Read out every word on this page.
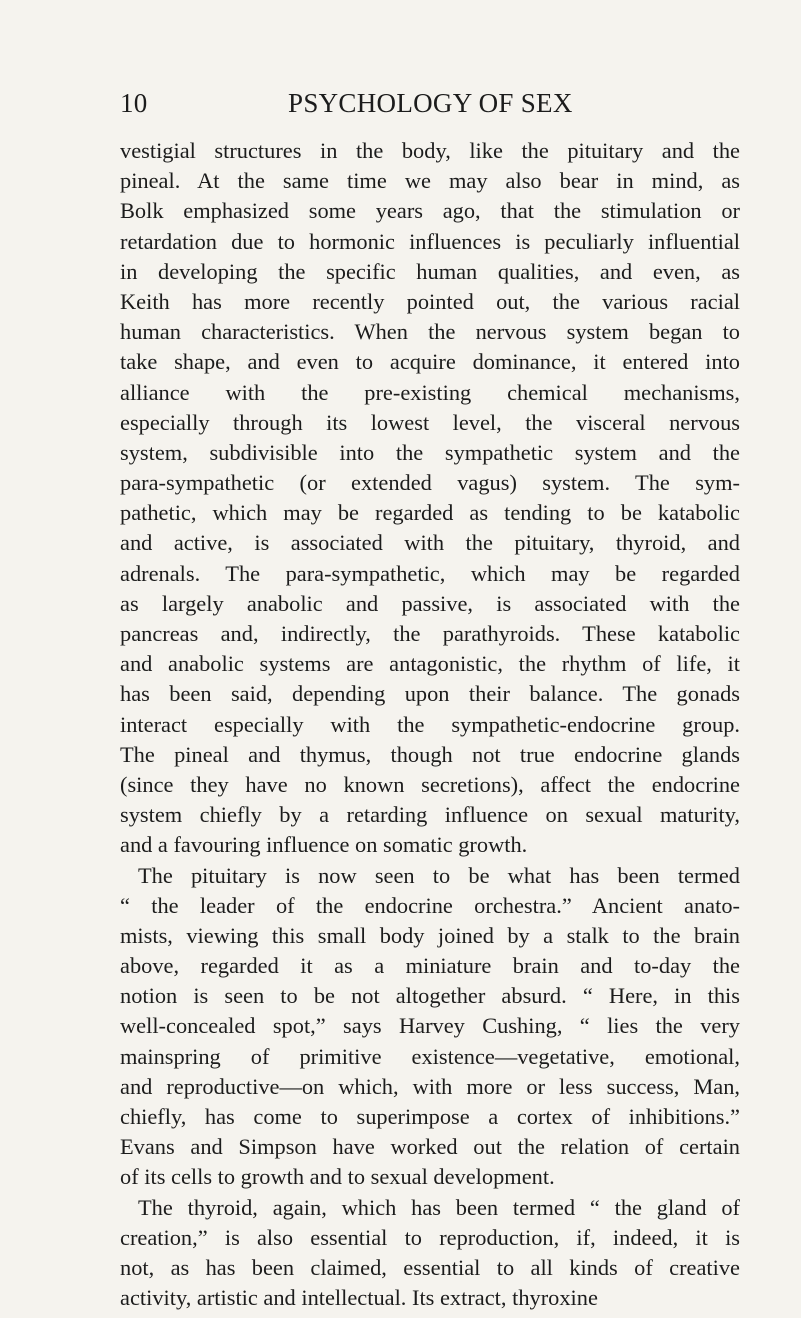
10	PSYCHOLOGY OF SEX
vestigial structures in the body, like the pituitary and the
pineal. At the same time we may also bear in mind, as
Bolk emphasized some years ago, that the stimulation or
retardation due to hormonic influences is peculiarly influential
in developing the specific human qualities, and even, as
Keith has more recently pointed out, the various racial
human characteristics. When the nervous system began to
take shape, and even to acquire dominance, it entered into
alliance with the pre-existing chemical mechanisms,
especially through its lowest level, the visceral nervous
system, subdivisible into the sympathetic system and the
para-sympathetic (or extended vagus) system. The sym-
pathetic, which may be regarded as tending to be katabolic
and active, is associated with the pituitary, thyroid, and
adrenals. The para-sympathetic, which may be regarded
as largely anabolic and passive, is associated with the
pancreas and, indirectly, the parathyroids. These katabolic
and anabolic systems are antagonistic, the rhythm of life, it
has been said, depending upon their balance. The gonads
interact especially with the sympathetic-endocrine group.
The pineal and thymus, though not true endocrine glands
(since they have no known secretions), affect the endocrine
system chiefly by a retarding influence on sexual maturity,
and a favouring influence on somatic growth.
The pituitary is now seen to be what has been termed
“ the leader of the endocrine orchestra.” Ancient anato-
mists, viewing this small body joined by a stalk to the brain
above, regarded it as a miniature brain and to-day the
notion is seen to be not altogether absurd. “ Here, in this
well-concealed spot,” says Harvey Cushing, “ lies the very
mainspring of primitive existence—vegetative, emotional,
and reproductive—on which, with more or less success, Man,
chiefly, has come to superimpose a cortex of inhibitions.”
Evans and Simpson have worked out the relation of certain
of its cells to growth and to sexual development.
The thyroid, again, which has been termed “ the gland of
creation,” is also essential to reproduction, if, indeed, it is
not, as has been claimed, essential to all kinds of creative
activity, artistic and intellectual. Its extract, thyroxine
